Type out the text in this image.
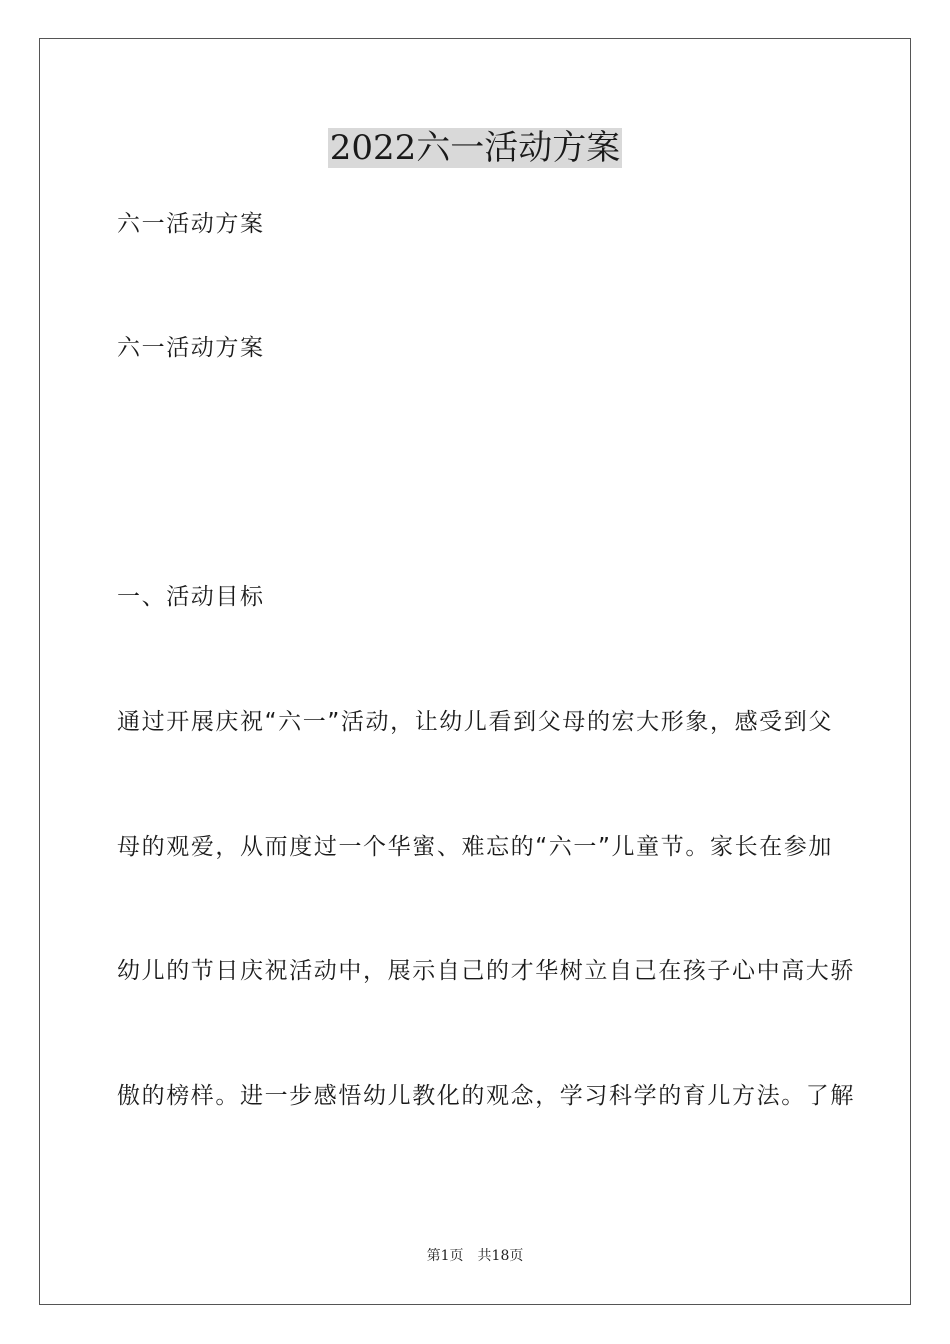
2022六一活动方案
六一活动方案
六一活动方案
一、活动目标
通过开展庆祝“六一”活动，让幼儿看到父母的宏大形象，感受到父
母的观爱，从而度过一个华蜜、难忘的“六一”儿童节。家长在参加
幼儿的节日庆祝活动中，展示自己的才华树立自己在孩子心中高大骄
傲的榜样。进一步感悟幼儿教化的观念，学习科学的育儿方法。了解
第1页 共18页
